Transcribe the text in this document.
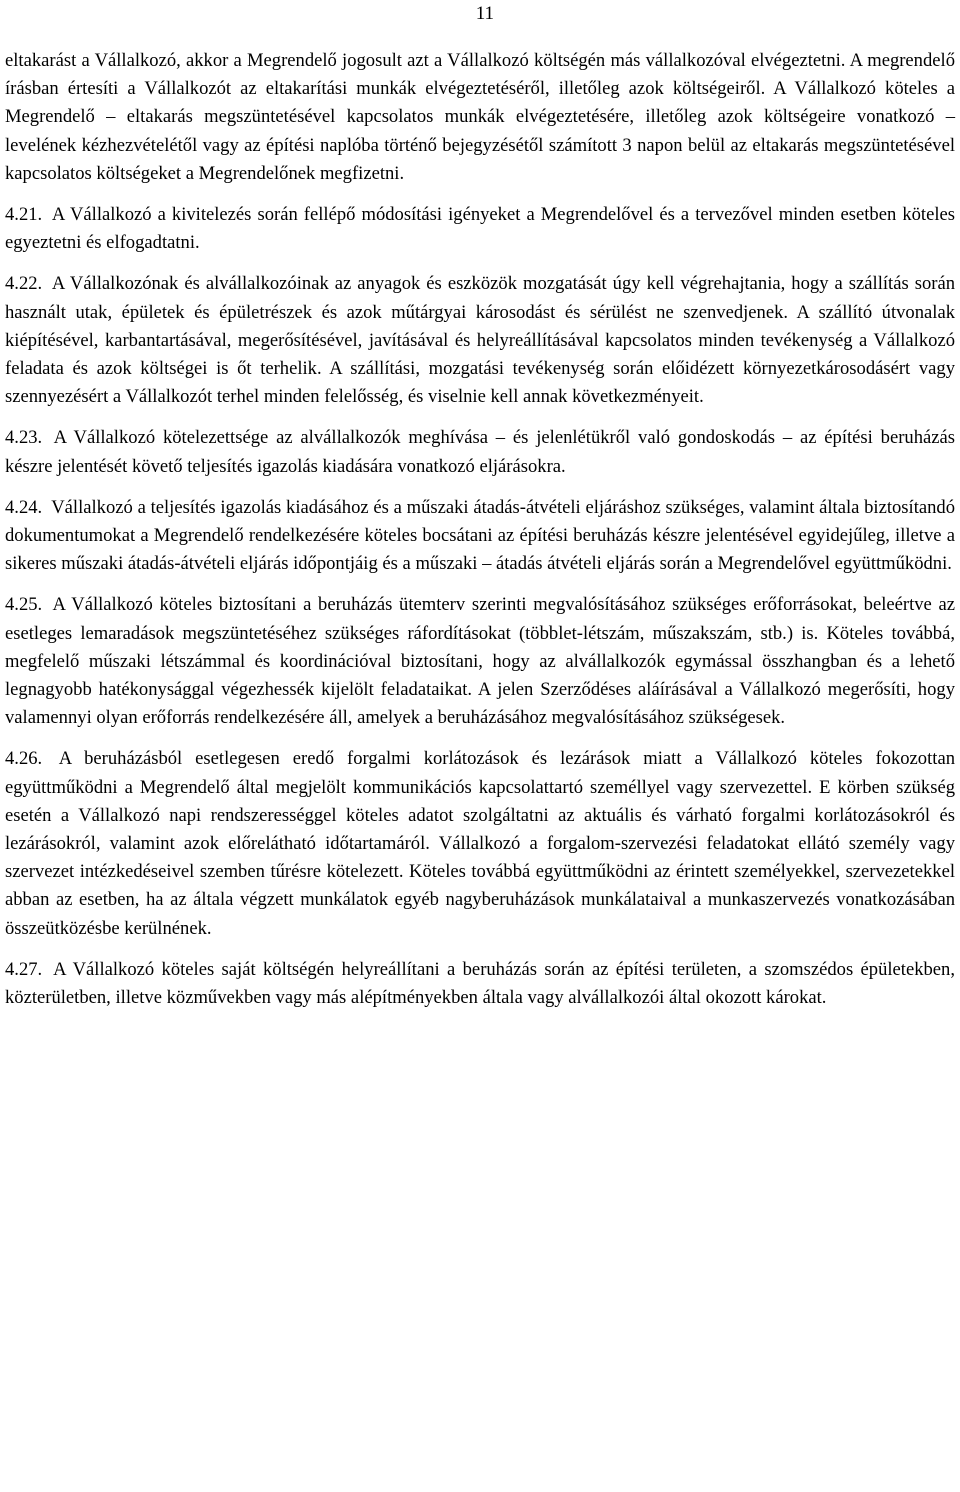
11

eltakarást a Vállalkozó, akkor a Megrendelő jogosult azt a Vállalkozó költségén más vállalkozóval elvégeztetni. A megrendelő írásban értesíti a Vállalkozót az eltakarítási munkák elvégeztetéséről, illetőleg azok költségeiről. A Vállalkozó köteles a Megrendelő – eltakarás megszüntetésével kapcsolatos munkák elvégeztetésére, illetőleg azok költségeire vonatkozó – levelének kézhezvételétől vagy az építési naplóba történő bejegyzésétől számított 3 napon belül az eltakarás megszüntetésével kapcsolatos költségeket a Megrendelőnek megfizetni.

4.21. A Vállalkozó a kivitelezés során fellépő módosítási igényeket a Megrendelővel és a tervezővel minden esetben köteles egyeztetni és elfogadtatni.

4.22. A Vállalkozónak és alvállalkozóinak az anyagok és eszközök mozgatását úgy kell végrehajtania, hogy a szállítás során használt utak, épületek és épületrészek és azok műtárgyai károsodást és sérülést ne szenvedjenek. A szállító útvonalak kiépítésével, karbantartásával, megerősítésével, javításával és helyreállításával kapcsolatos minden tevékenység a Vállalkozó feladata és azok költségei is őt terhelik. A szállítási, mozgatási tevékenység során előidézett környezetkárosodásért vagy szennyezésért a Vállalkozót terhel minden felelősség, és viselnie kell annak következményeit.

4.23. A Vállalkozó kötelezettsége az alvállalkozók meghívása – és jelenlétükről való gondoskodás – az építési beruházás készre jelentését követő teljesítés igazolás kiadására vonatkozó eljárásokra.

4.24. Vállalkozó a teljesítés igazolás kiadásához és a műszaki átadás-átvételi eljáráshoz szükséges, valamint általa biztosítandó dokumentumokat a Megrendelő rendelkezésére köteles bocsátani az építési beruházás készre jelentésével egyidejűleg, illetve a sikeres műszaki átadás-átvételi eljárás időpontjáig és a műszaki – átadás átvételi eljárás során a Megrendelővel együttműködni.

4.25. A Vállalkozó köteles biztosítani a beruházás ütemterv szerinti megvalósításához szükséges erőforrásokat, beleértve az esetleges lemaradások megszüntetéséhez szükséges ráfordításokat (többlet-létszám, műszakszám, stb.) is. Köteles továbbá, megfelelő műszaki létszámmal és koordinációval biztosítani, hogy az alvállalkozók egymással összhangban és a lehető legnagyobb hatékonysággal végezhessék kijelölt feladataikat. A jelen Szerződéses aláírásával a Vállalkozó megerősíti, hogy valamennyi olyan erőforrás rendelkezésére áll, amelyek a beruházásához megvalósításához szükségesek.

4.26. A beruházásból esetlegesen eredő forgalmi korlátozások és lezárások miatt a Vállalkozó köteles fokozottan együttműködni a Megrendelő által megjelölt kommunikációs kapcsolattartó személlyel vagy szervezettel. E körben szükség esetén a Vállalkozó napi rendszerességgel köteles adatot szolgáltatni az aktuális és várható forgalmi korlátozásokról és lezárásokról, valamint azok előrelátható időtartamáról. Vállalkozó a forgalom-szervezési feladatokat ellátó személy vagy szervezet intézkedéseivel szemben tűrésre kötelezett. Köteles továbbá együttműködni az érintett személyekkel, szervezetekkel abban az esetben, ha az általa végzett munkálatok egyéb nagyberuházások munkálataival a munkaszervezés vonatkozásában összeütközésbe kerülnének.

4.27. A Vállalkozó köteles saját költségén helyreállítani a beruházás során az építési területen, a szomszédos épületekben, közterületben, illetve közművekben vagy más alépítményekben általa vagy alvállalkozói által okozott károkat.
